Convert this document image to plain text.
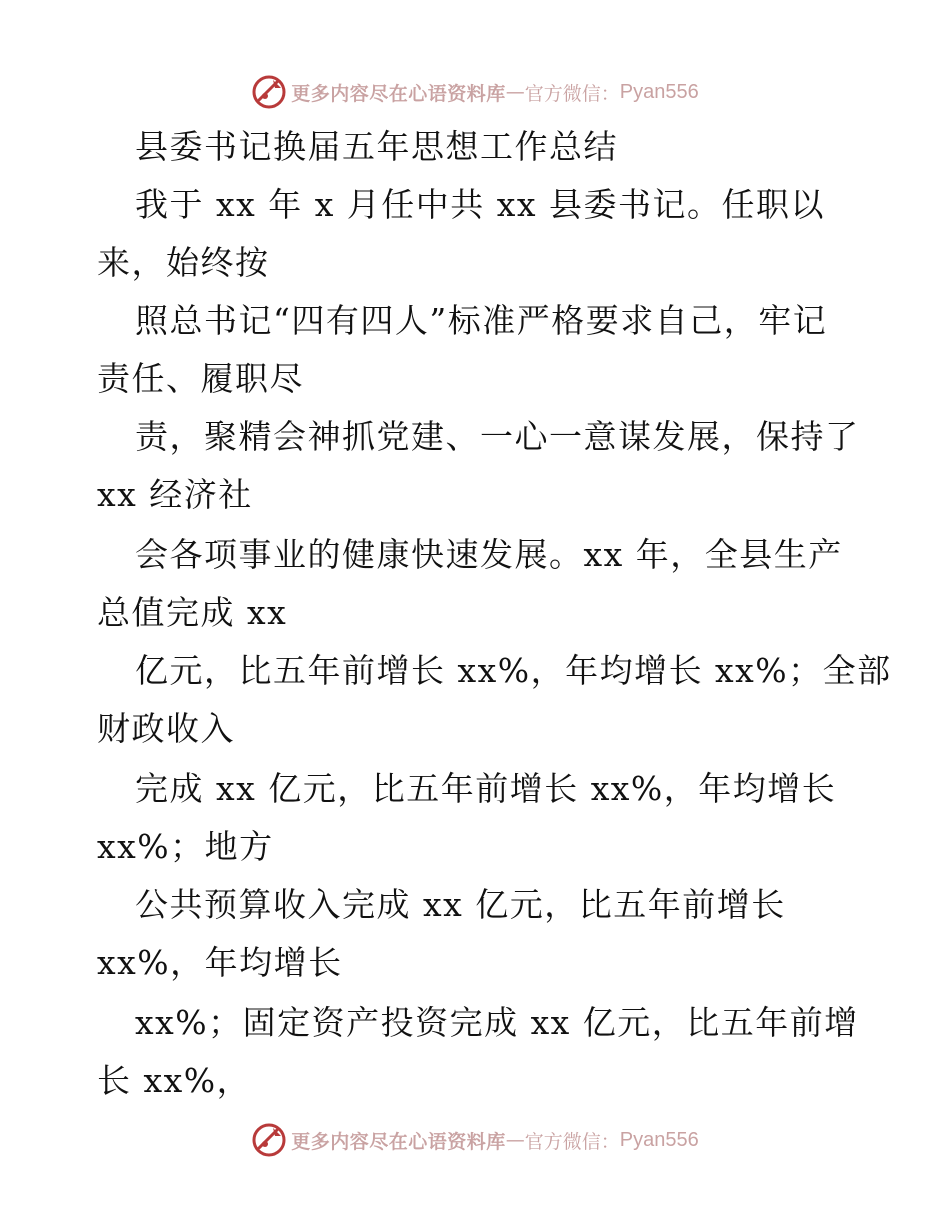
更多内容尽在心语资料库 — 官方微信： Pyan556
县委书记换届五年思想工作总结
我于 xx 年 x 月任中共 xx 县委书记。任职以
来，始终按
照总书记“四有四人”标准严格要求自己，牢记
责任、履职尽
责，聚精会神抓党建、一心一意谋发展，保持了
xx 经济社
会各项事业的健康快速发展。xx 年，全县生产
总值完成 xx
亿元，比五年前增长 xx%，年均增长 xx%；全部
财政收入
完成 xx 亿元，比五年前增长 xx%，年均增长
xx%；地方
公共预算收入完成 xx 亿元，比五年前增长
xx%，年均增长
xx%；固定资产投资完成 xx 亿元，比五年前增
长 xx%，
更多内容尽在心语资料库 — 官方微信： Pyan556
